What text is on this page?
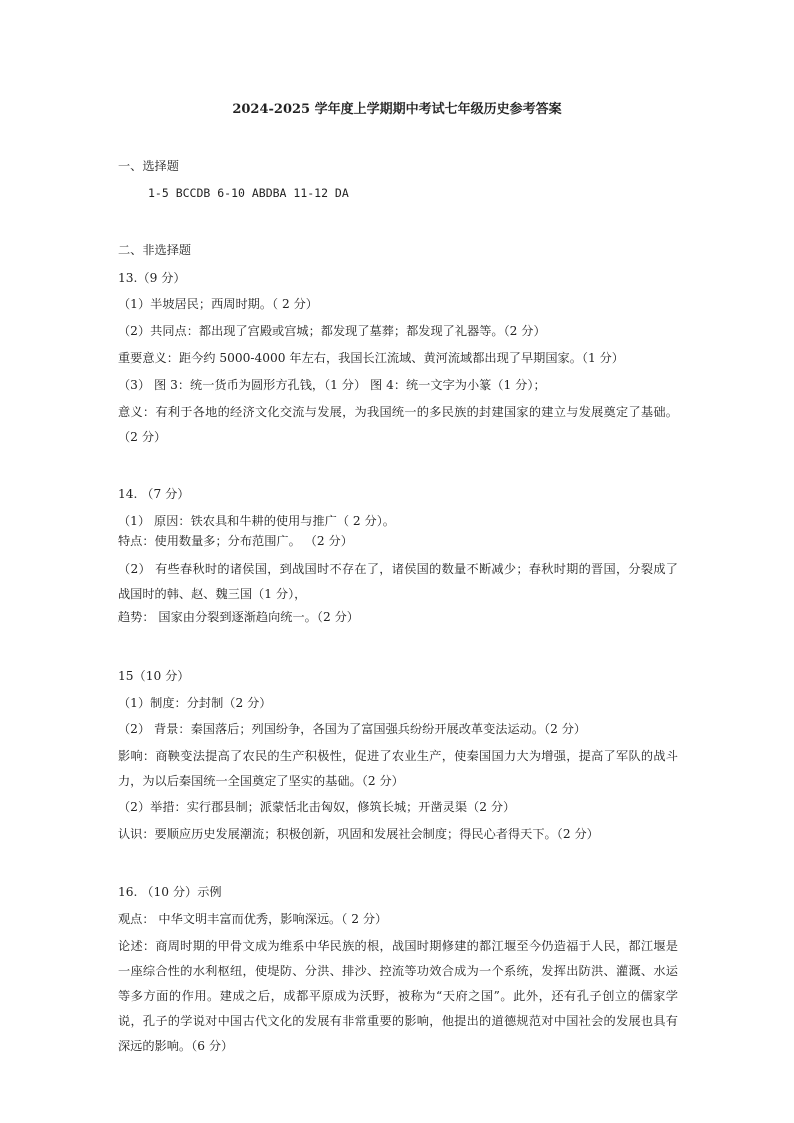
2024-2025 学年度上学期期中考试七年级历史参考答案
一、选择题
1-5 BCCDB 6-10 ABDBA 11-12 DA
二、非选择题
13.（9 分）
（1）半坡居民；西周时期。（ 2 分）
（2）共同点：都出现了宫殿或宫城；都发现了墓葬；都发现了礼器等。（2 分）
重要意义：距今约 5000-4000 年左右，我国长江流域、黄河流域都出现了早期国家。（1 分）
（3） 图 3：统一货币为圆形方孔钱，（1 分） 图 4：统一文字为小篆（1 分）；
意义：有利于各地的经济文化交流与发展，为我国统一的多民族的封建国家的建立与发展奠定了基础。（2 分）
14. （7 分）
（1） 原因：铁农具和牛耕的使用与推广（ 2 分）。
特点：使用数量多；分布范围广。 （2 分）
（2） 有些春秋时的诸侯国，到战国时不存在了，诸侯国的数量不断减少；春秋时期的晋国，分裂成了战国时的韩、赵、魏三国（1 分），
趋势： 国家由分裂到逐渐趋向统一。（2 分）
15（10 分）
（1）制度：分封制（2 分）
（2） 背景：秦国落后；列国纷争，各国为了富国强兵纷纷开展改革变法运动。（2 分）
影响：商鞅变法提高了农民的生产积极性，促进了农业生产，使秦国国力大为增强，提高了军队的战斗力，为以后秦国统一全国奠定了坚实的基础。（2 分）
（2）举措：实行郡县制；派蒙恬北击匈奴，修筑长城；开凿灵渠（2 分）
认识：要顺应历史发展潮流；积极创新，巩固和发展社会制度；得民心者得天下。（2 分）
16. （10 分）示例
观点： 中华文明丰富而优秀，影响深远。（ 2 分）
论述：商周时期的甲骨文成为维系中华民族的根，战国时期修建的都江堰至今仍造福于人民，都江堰是一座综合性的水利枢纽，使堤防、分洪、排沙、控流等功效合成为一个系统，发挥出防洪、灌溉、水运等多方面的作用。建成之后，成都平原成为沃野，被称为“天府之国”。此外，还有孔子创立的儒家学说，孔子的学说对中国古代文化的发展有非常重要的影响，他提出的道德规范对中国社会的发展也具有深远的影响。（6 分）
